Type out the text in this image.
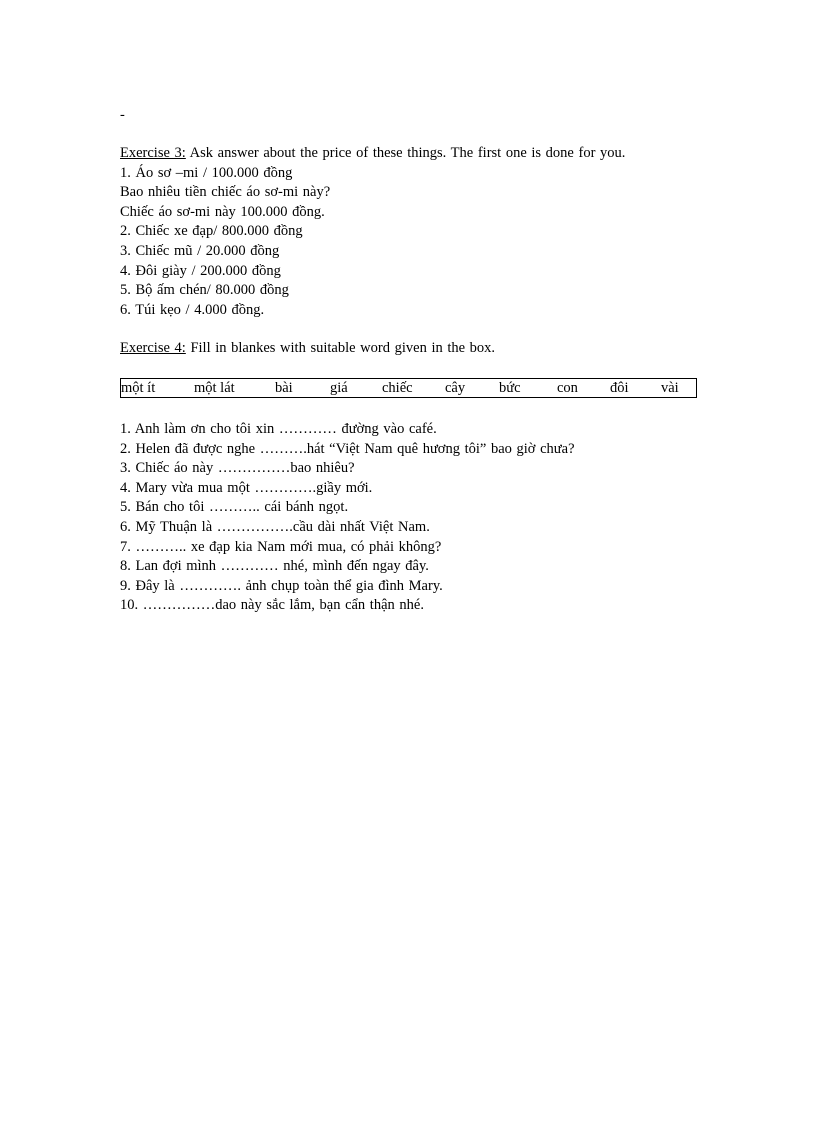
-
Exercise 3: Ask answer about the price of these things. The first one is done for you.
1. Áo sơ –mi / 100.000 đồng
Bao nhiêu tiền chiếc áo sơ-mi này?
Chiếc áo sơ-mi này 100.000 đồng.
2. Chiếc xe đạp/ 800.000 đồng
3. Chiếc mũ / 20.000 đồng
4. Đôi giày / 200.000 đồng
5. Bộ ấm chén/ 80.000 đồng
6. Túi kẹo / 4.000 đồng.
Exercise 4: Fill in blankes with suitable word given in the box.
một ít	một lát	bài	giá chiếc cây bức	con đôi vài
1. Anh làm ơn cho tôi xin ………… đường vào café.
2. Helen đã được nghe ……….hát “Việt Nam quê hương tôi” bao giờ chưa?
3. Chiếc áo này ……………bao nhiêu?
4. Mary vừa mua một ………….giầy mới.
5. Bán cho tôi ……….. cái bánh ngọt.
6. Mỹ Thuận là …………….cầu dài nhất Việt Nam.
7. ……….. xe đạp kia Nam mới mua, có phải không?
8. Lan đợi mình ………… nhé, mình đến ngay đây.
9. Đây là …………. ảnh chụp toàn thể gia đình Mary.
10. ……………dao này sắc lắm, bạn cẩn thận nhé.
